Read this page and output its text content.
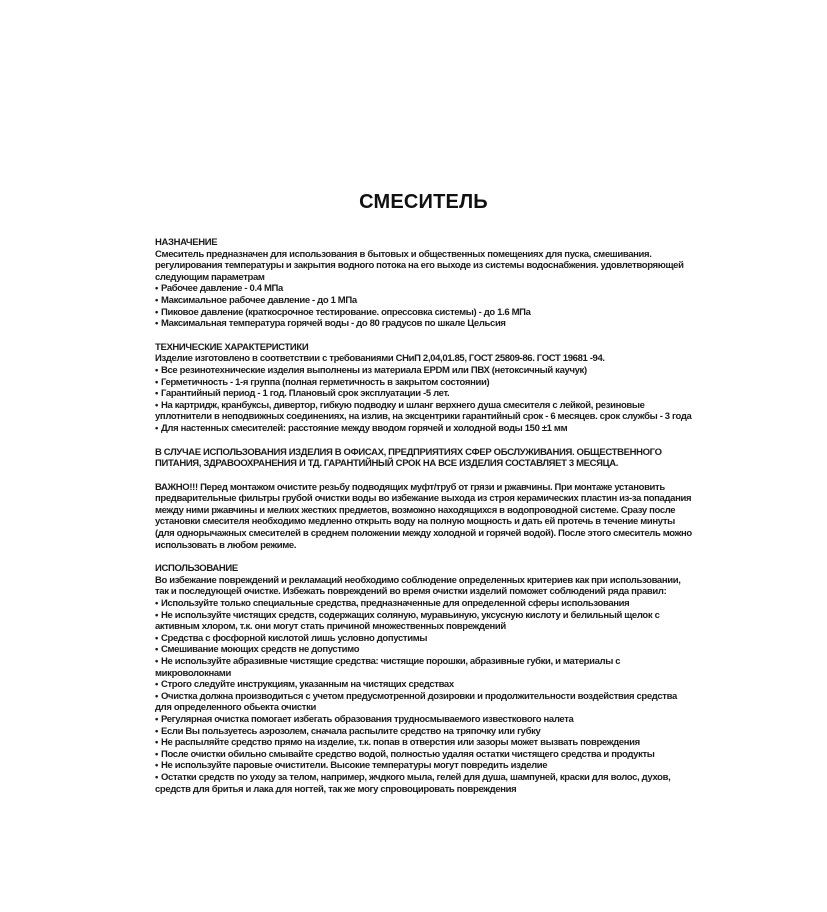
СМЕСИТЕЛЬ
НАЗНАЧЕНИЕ

Смеситель предназначен для использования в бытовых и общественных помещениях для пуска, смешивания. регулирования температуры и закрытия водного потока на его выходе из системы водоснабжения. удовлетворяющей следующим параметрам

• Рабочее давление - 0.4 МПа
• Максимальное рабочее давление - до 1 МПа
• Пиковое давление (краткосрочное тестирование. опрессовка системы) - до 1.6 МПа
• Максимальная температура горячей воды - до 80 градусов по шкале Цельсия
ТЕХНИЧЕСКИЕ ХАРАКТЕРИСТИКИ

Изделие изготовлено в соответствии с требованиями СНиП 2,04,01.85, ГОСТ 25809-86. ГОСТ 19681 -94.

• Все резинотехнические изделия выполнены из материала EPDM или ПВХ (нетоксичный каучук)
• Герметичность - 1-я группа (полная герметичность в закрытом состоянии)
• Гарантийный период - 1 год. Плановый срок эксплуатации -5 лет.
• На картридж, кранбуксы, дивертор, гибкую подводку и шланг верхнего душа смесителя с лейкой, резиновые уплотнители в неподвижных соединениях, на излив, на эксцентрики гарантийный срок - 6 месяцев. срок службы - 3 года
• Для настенных смесителей: расстояние между вводом горячей и холодной воды 150 ±1 мм

В СЛУЧАЕ ИСПОЛЬЗОВАНИЯ ИЗДЕЛИЯ В ОФИСАХ, ПРЕДПРИЯТИЯХ СФЕР ОБСЛУЖИВАНИЯ. ОБЩЕСТВЕННОГО ПИТАНИЯ, ЗДРАВООХРАНЕНИЯ И ТД. ГАРАНТИЙНЫЙ СРОК НА ВСЕ ИЗДЕЛИЯ СОСТАВЛЯЕТ 3 МЕСЯЦА.

ВАЖНО!!! Перед монтажом очистите резьбу подводящих муфт/труб от грязи и ржавчины. При монтаже установить предварительные фильтры грубой очистки воды во избежание выхода из строя керамических пластин из-за попадания между ними ржавчины и мелких жестких предметов, возможно находящихся в водопроводной системе. Сразу после установки смесителя необходимо медленно открыть воду на полную мощность и дать ей протечь в течение минуты (для однорычажных смесителей в среднем положении между холодной и горячей водой). После этого смеситель можно использовать в любом режиме.

ИСПОЛЬЗОВАНИЕ

Во избежание повреждений и рекламаций необходимо соблюдение определенных критериев как при использовании, так и последующей очистке. Избежать повреждений во время очистки изделий поможет соблюдений ряда правил:

• Используйте только специальные средства, предназначенные для определенной сферы использования
• Не используйте чистящих средств, содержащих соляную, муравьиную, уксусную кислоту и белильный щелок с активным хлором, т.к. они могут стать причиной множественных повреждений
• Средства с фосфорной кислотой лишь условно допустимы
• Смешивание моющих средств не допустимо
• Не используйте абразивные чистящие средства: чистящие порошки, абразивные губки, и материалы с микроволокнами
• Строго следуйте инструкциям, указанным на чистящих средствах
• Очистка должна производиться с учетом предусмотренной дозировки и продолжительности воздействия средства для определенного обьекта очистки
• Регулярная очистка помогает избегать образования трудносмываемого известкового налета
• Если Вы пользуетесь аэрозолем, сначала распылите средство на тряпочку или губку
• Не распыляйте средство прямо на изделие, т.к. попав в отверстия или зазоры может вызвать повреждения
• После очистки обильно смывайте средство водой, полностью удаляя остатки чистящего средства и продукты
• Не используйте паровые очистители. Высокие температуры могут повредить изделие
• Остатки средств по уходу за телом, например, жчдкого мыла, гелей для душа, шампуней, краски для волос, духов, средств для бритья и лака для ногтей, так же могу спровоцировать повреждения
